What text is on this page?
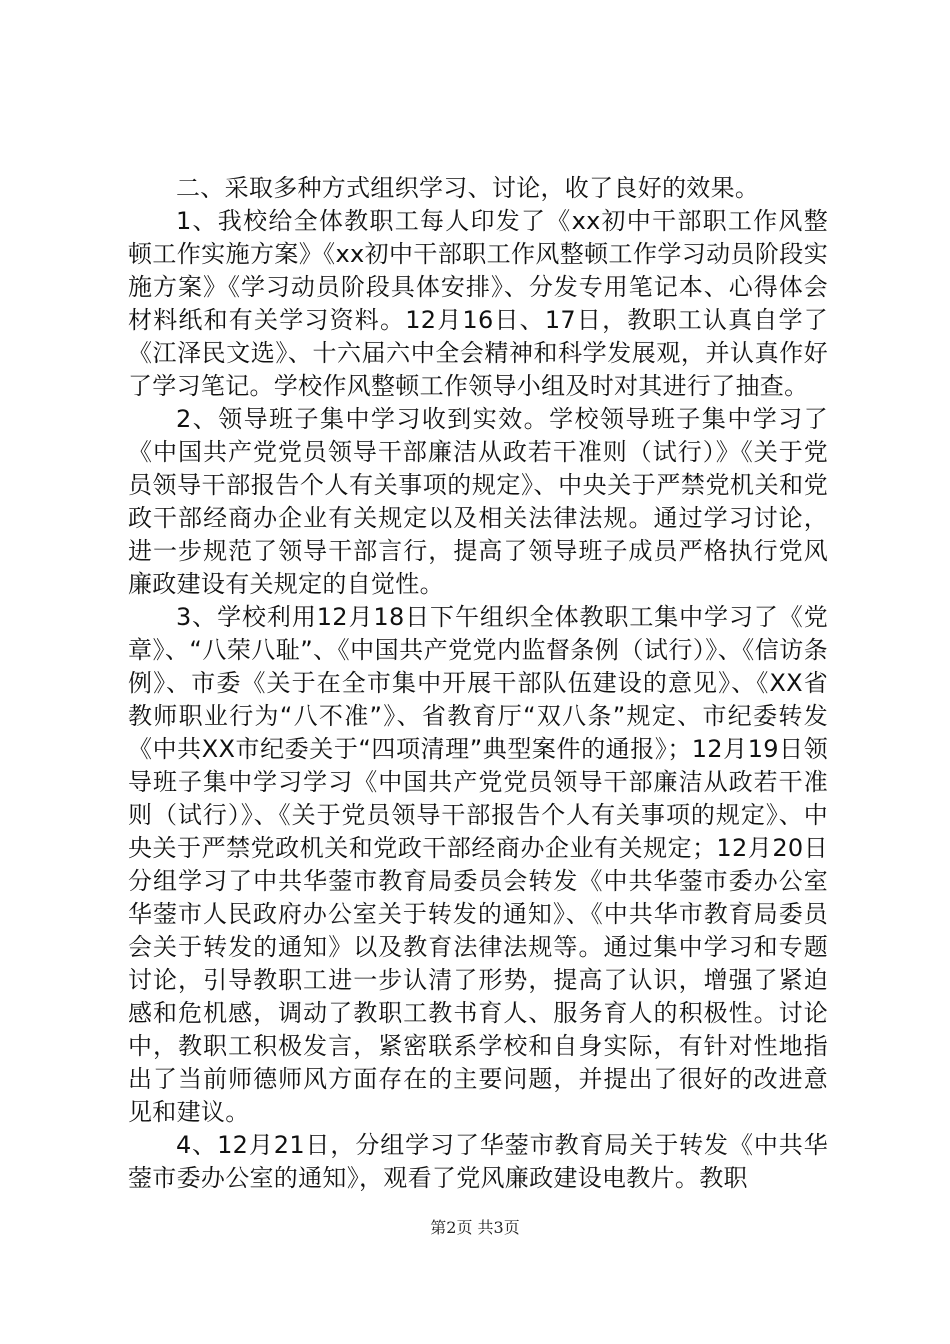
二、采取多种方式组织学习、讨论，收了良好的效果。

1、我校给全体教职工每人印发了《xx初中干部职工作风整顿工作实施方案》《xx初中干部职工作风整顿工作学习动员阶段实施方案》《学习动员阶段具体安排》、分发专用笔记本、心得体会材料纸和有关学习资料。12月16日、17日，教职工认真自学了《江泽民文选》、十六届六中全会精神和科学发展观，并认真作好了学习笔记。学校作风整顿工作领导小组及时对其进行了抽查。

2、领导班子集中学习收到实效。学校领导班子集中学习了《中国共产党党员领导干部廉洁从政若干准则（试行）》《关于党员领导干部报告个人有关事项的规定》、中央关于严禁党机关和党政干部经商办企业有关规定以及相关法律法规。通过学习讨论，进一步规范了领导干部言行，提高了领导班子成员严格执行党风廉政建设有关规定的自觉性。

3、学校利用12月18日下午组织全体教职工集中学习了《党章》、“八荣八耻”、《中国共产党党内监督条例（试行）》、《信访条例》、市委《关于在全市集中开展干部队伍建设的意见》、《XX省教师职业行为“八不准”》、省教育厅“双八条”规定、市纪委转发《中共XX市纪委关于“四项清理”典型案件的通报》；12月19日领导班子集中学习学习《中国共产党党员领导干部廉洁从政若干准则（试行）》、《关于党员领导干部报告个人有关事项的规定》、中央关于严禁党政机关和党政干部经商办企业有关规定；12月20日分组学习了中共华蓥市教育局委员会转发《中共华蓥市委办公室华蓥市人民政府办公室关于转发的通知》、《中共华市教育局委员会关于转发的通知》以及教育法律法规等。通过集中学习和专题讨论，引导教职工进一步认清了形势，提高了认识，增强了紧迫感和危机感，调动了教职工教书育人、服务育人的积极性。讨论中，教职工积极发言，紧密联系学校和自身实际，有针对性地指出了当前师德师风方面存在的主要问题，并提出了很好的改进意见和建议。

4、12月21日，分组学习了华蓥市教育局关于转发《中共华蓥市委办公室的通知》，观看了党风廉政建设电教片。教职

第2页 共3页
